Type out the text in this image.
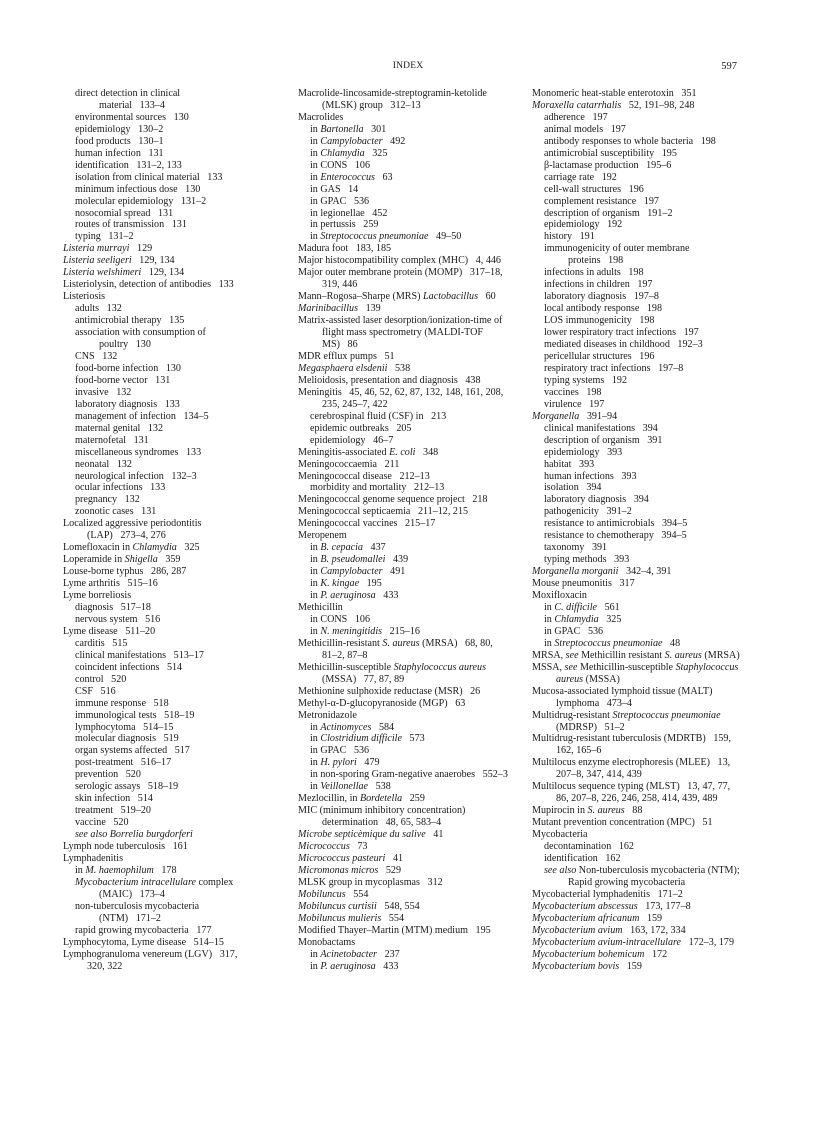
INDEX	597
direct detection in clinical
material   133–4
environmental sources   130
epidemiology   130–2
food products   130–1
human infection   131
identification   131–2, 133
isolation from clinical material   133
minimum infectious dose   130
molecular epidemiology   131–2
nosocomial spread   131
routes of transmission   131
typing   131–2
Listeria murrayi   129
Listeria seeligeri   129, 134
Listeria welshimeri   129, 134
Listeriolysin, detection of antibodies   133
Listeriosis
adults   132
antimicrobial therapy   135
association with consumption of
poultry   130
CNS   132
food-borne infection   130
food-borne vector   131
invasive   132
laboratory diagnosis   133
management of infection   134–5
maternal genital   132
maternofetal   131
miscellaneous syndromes   133
neonatal   132
neurological infection   132–3
ocular infections   133
pregnancy   132
zoonotic cases   131
Localized aggressive periodontitis
(LAP)   273–4, 276
Lomefloxacin in Chlamydia   325
Loperamide in Shigella   359
Louse-borne typhus   286, 287
Lyme arthritis   515–16
Lyme borreliosis
diagnosis   517–18
nervous system   516
Lyme disease   511–20
carditis   515
clinical manifestations   513–17
coincident infections   514
control   520
CSF   516
immune response   518
immunological tests   518–19
lymphocytoma   514–15
molecular diagnosis   519
organ systems affected   517
post-treatment   516–17
prevention   520
serologic assays   518–19
skin infection   514
treatment   519–20
vaccine   520
see also Borrelia burgdorferi
Lymph node tuberculosis   161
Lymphadenitis
in M. haemophilum   178
Mycobacterium intracellulare complex
(MAIC)   173–4
non-tuberculosis mycobacteria
(NTM)   171–2
rapid growing mycobacteria   177
Lymphocytoma, Lyme disease   514–15
Lymphogranuloma venereum (LGV)   317,
320, 322
Macrolide-lincosamide-streptogramin-ketolide
(MLSK) group   312–13
Macrolides
in Bartonella   301
in Campylobacter   492
in Chlamydia   325
in CONS   106
in Enterococcus   63
in GAS   14
in GPAC   536
in legionellae   452
in pertussis   259
in Streptococcus pneumoniae   49–50
Madura foot   183, 185
Major histocompatibility complex (MHC)   4, 446
Major outer membrane protein (MOMP)   317–18,
319, 446
Mann–Rogosa–Sharpe (MRS) Lactobacillus   60
Marinibacillus   139
Matrix-assisted laser desorption/ionization-time of
flight mass spectrometry (MALDI-TOF
MS)   86
MDR efflux pumps   51
Megasphaera elsdenii   538
Melioidosis, presentation and diagnosis   438
Meningitis   45, 46, 52, 62, 87, 132, 148, 161, 208,
235, 245–7, 422
cerebrospinal fluid (CSF) in   213
epidemic outbreaks   205
epidemiology   46–7
Meningitis-associated E. coli   348
Meningococcaemia   211
Meningococcal disease   212–13
morbidity and mortality   212–13
Meningococcal genome sequence project   218
Meningococcal septicaemia   211–12, 215
Meningococcal vaccines   215–17
Meropenem
in B. cepacia   437
in B. pseudomallei   439
in Campylobacter   491
in K. kingae   195
in P. aeruginosa   433
Methicillin
in CONS   106
in N. meningitidis   215–16
Methicillin-resistant S. aureus (MRSA)   68, 80,
81–2, 87–8
Methicillin-susceptible Staphylococcus aureus
(MSSA)   77, 87, 89
Methionine sulphoxide reductase (MSR)   26
Methyl-α-D-glucopyranoside (MGP)   63
Metronidazole
in Actinomyces   584
in Clostridium difficile   573
in GPAC   536
in H. pylori   479
in non-sporing Gram-negative anaerobes   552–3
in Veillonellae   538
Mezlocillin, in Bordetella   259
MIC (minimum inhibitory concentration)
determination   48, 65, 583–4
Microbe septicèmique du salive   41
Micrococcus   73
Micrococcus pasteuri   41
Micromonas micros   529
MLSK group in mycoplasmas   312
Mobiluncus   554
Mobiluncus curtisii   548, 554
Mobiluncus mulieris   554
Modified Thayer–Martin (MTM) medium   195
Monobactams
in Acinetobacter   237
in P. aeruginosa   433
Monomeric heat-stable enterotoxin   351
Moraxella catarrhalis   52, 191–98, 248
adherence   197
animal models   197
antibody responses to whole bacteria   198
antimicrobial susceptibility   195
β-lactamase production   195–6
carriage rate   192
cell-wall structures   196
complement resistance   197
description of organism   191–2
epidemiology   192
history   191
immunogenicity of outer membrane
proteins   198
infections in adults   198
infections in children   197
laboratory diagnosis   197–8
local antibody response   198
LOS immunogenicity   198
lower respiratory tract infections   197
mediated diseases in childhood   192–3
pericellular structures   196
respiratory tract infections   197–8
typing systems   192
vaccines   198
virulence   197
Morganella   391–94
clinical manifestations   394
description of organism   391
epidemiology   393
habitat   393
human infections   393
isolation   394
laboratory diagnosis   394
pathogenicity   391–2
resistance to antimicrobials   394–5
resistance to chemotherapy   394–5
taxonomy   391
typing methods   393
Morganella morganii   342–4, 391
Mouse pneumonitis   317
Moxifloxacin
in C. difficile   561
in Chlamydia   325
in GPAC   536
in Streptococcus pneumoniae   48
MRSA, see Methicillin resistant S. aureus (MRSA)
MSSA, see Methicillin-susceptible Staphylococcus
aureus (MSSA)
Mucosa-associated lymphoid tissue (MALT)
lymphoma   473–4
Multidrug-resistant Streptococcus pneumoniae
(MDRSP)   51–2
Multidrug-resistant tuberculosis (MDRTB)   159,
162, 165–6
Multilocus enzyme electrophoresis (MLEE)   13,
207–8, 347, 414, 439
Multilocus sequence typing (MLST)   13, 47, 77,
86, 207–8, 226, 246, 258, 414, 439, 489
Mupirocin in S. aureus   88
Mutant prevention concentration (MPC)   51
Mycobacteria
decontamination   162
identification   162
see also Non-tuberculosis mycobacteria (NTM);
Rapid growing mycobacteria
Mycobacterial lymphadenitis   171–2
Mycobacterium abscessus   173, 177–8
Mycobacterium africanum   159
Mycobacterium avium   163, 172, 334
Mycobacterium avium-intracellulare   172–3, 179
Mycobacterium bohemicum   172
Mycobacterium bovis   159
